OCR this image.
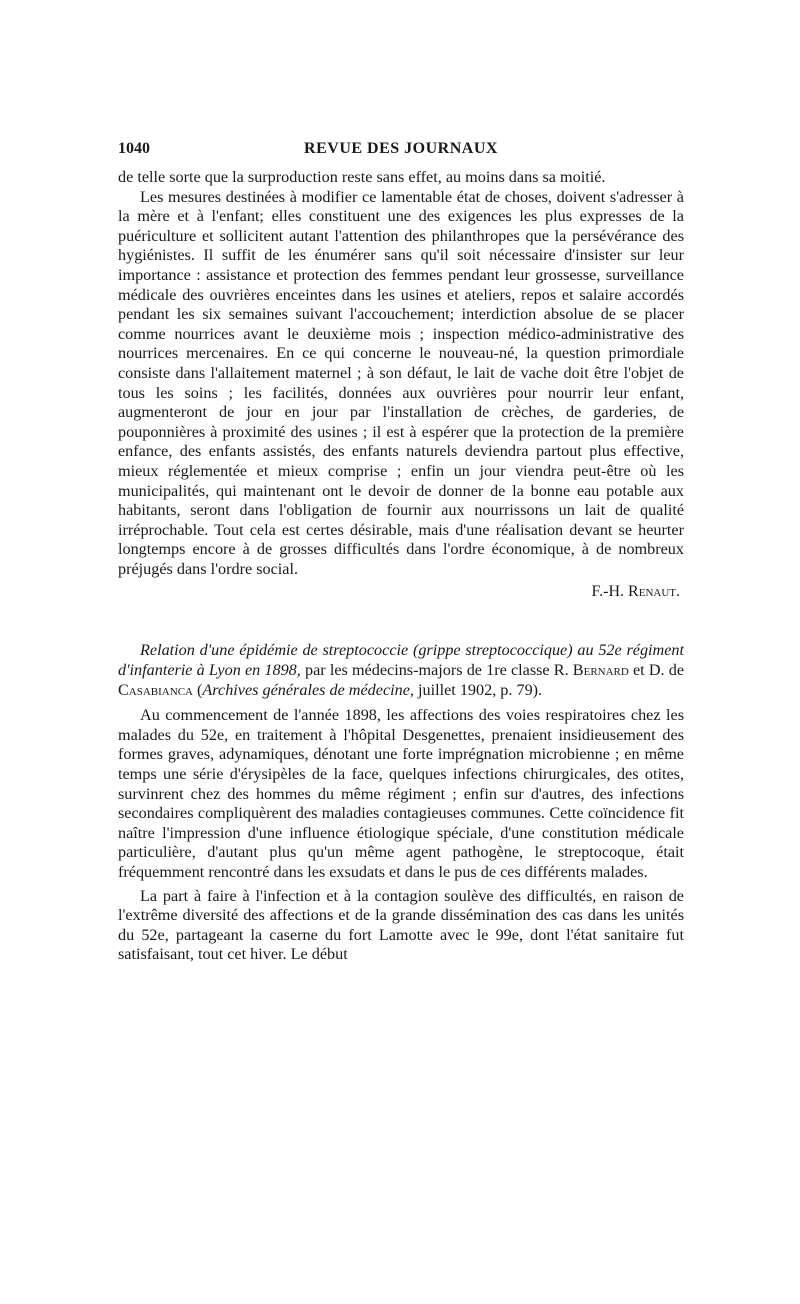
1040	REVUE DES JOURNAUX

de telle sorte que la surproduction reste sans effet, au moins dans sa moitié.

Les mesures destinées à modifier ce lamentable état de choses, doivent s'adresser à la mère et à l'enfant; elles constituent une des exigences les plus expresses de la puériculture et sollicitent autant l'attention des philanthropes que la persévérance des hygiénistes. Il suffit de les énumérer sans qu'il soit nécessaire d'insister sur leur importance : assistance et protection des femmes pendant leur grossesse, surveillance médicale des ouvrières enceintes dans les usines et ateliers, repos et salaire accordés pendant les six semaines suivant l'accouchement; interdiction absolue de se placer comme nourrices avant le deuxième mois ; inspection médico-administrative des nourrices mercenaires. En ce qui concerne le nouveau-né, la question primordiale consiste dans l'allaitement maternel ; à son défaut, le lait de vache doit être l'objet de tous les soins ; les facilités, données aux ouvrières pour nourrir leur enfant, augmenteront de jour en jour par l'installation de crèches, de garderies, de pouponnières à proximité des usines ; il est à espérer que la protection de la première enfance, des enfants assistés, des enfants naturels deviendra partout plus effective, mieux réglementée et mieux comprise ; enfin un jour viendra peut-être où les municipalités, qui maintenant ont le devoir de donner de la bonne eau potable aux habitants, seront dans l'obligation de fournir aux nourrissons un lait de qualité irréprochable. Tout cela est certes désirable, mais d'une réalisation devant se heurter longtemps encore à de grosses difficultés dans l'ordre économique, à de nombreux préjugés dans l'ordre social.

F.-H. Renaut.

Relation d'une épidémie de streptococcie (grippe streptococcique) au 52e régiment d'infanterie à Lyon en 1898, par les médecins-majors de 1re classe R. Bernard et D. de Casabianca (Archives générales de médecine, juillet 1902, p. 79).

Au commencement de l'année 1898, les affections des voies respiratoires chez les malades du 52e, en traitement à l'hôpital Desgenettes, prenaient insidieusement des formes graves, adynamiques, dénotant une forte imprégnation microbienne ; en même temps une série d'érysipèles de la face, quelques infections chirurgicales, des otites, survinrent chez des hommes du même régiment ; enfin sur d'autres, des infections secondaires compliquèrent des maladies contagieuses communes. Cette coïncidence fit naître l'impression d'une influence étiologique spéciale, d'une constitution médicale particulière, d'autant plus qu'un même agent pathogène, le streptocoque, était fréquemment rencontré dans les exsudats et dans le pus de ces différents malades.

La part à faire à l'infection et à la contagion soulève des difficultés, en raison de l'extrême diversité des affections et de la grande dissémination des cas dans les unités du 52e, partageant la caserne du fort Lamotte avec le 99e, dont l'état sanitaire fut satisfaisant, tout cet hiver. Le début
